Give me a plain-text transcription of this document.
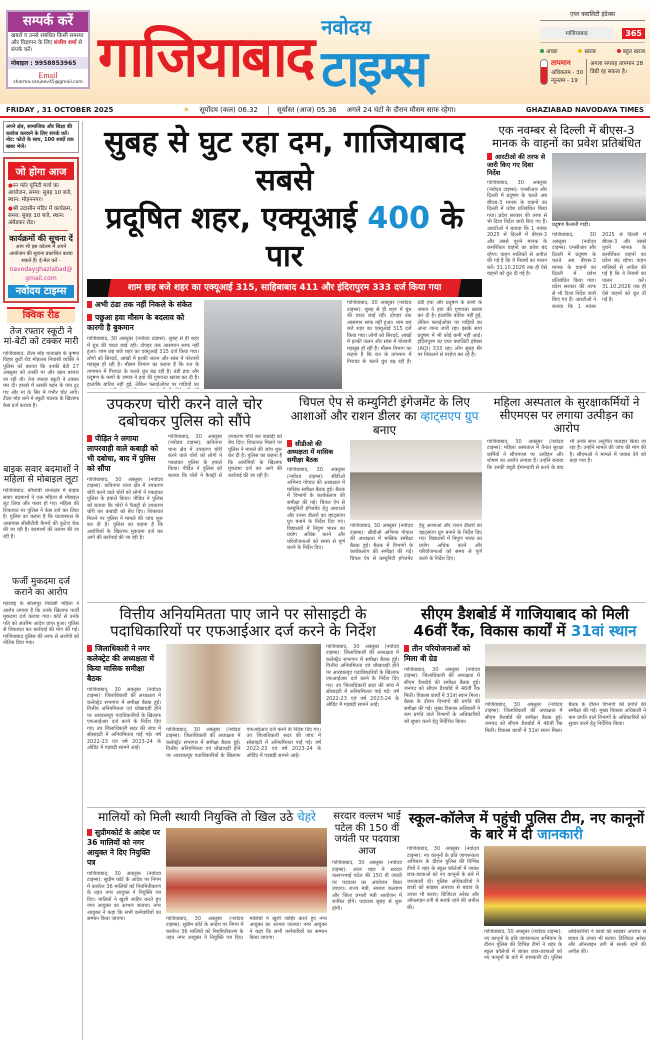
सम्पर्क करें
खबरों व उनसे संबंधित किसी समस्या और विज्ञापन के लिए संजीव शर्मा से संपर्क करें।
मोबाइल : 9958853965
Email
sharma.sanjeev45@gmail.com गाजियाबाद नवोदय
टाइम्स
एयर क्वालिटी इंडेक्स
गाजियाबाद	365
अच्छा	खराब	बहुत खराब
तापमान
अधिकतम - 30
न्यूनतम - 19
अगला सप्ताह तापमान 28 डिग्री रह सकता है।
FRIDAY , 31 OCTOBER 2025	☀ सूर्योदय (कल) 06.32	सूर्यास्त (आज) 05.36 अगले 24 घंटों के दौरान मौसम साफ रहेगा।	GHAZIABAD NAVODAYA TIMES
अपने क्षेत्र, सामाजिक और शिक्षा की कवरेज करवाने के लिए संपर्क करें। नोट: फोटो के साथ, 100 शब्दों तक खबर भेजें।
जो होगा आज
●रन फॉर यूनिटी मार्च का आयोजन, समय: सुबह 10 बजे, स्थान: मोहननगर।
●श्री उदासीन मंदिर में कार्यक्रम, समय: सुबह 10 बजे, स्थान: अंबेडकर रोड।
कार्यक्रमों की सूचना दें
आप भी इस कॉलम में अपने आयोजन की सूचना प्रकाशित करवा सकते हैं। ई-मेल करें -
navodayghaziabad@gmail.com
नवोदय टाइम्स
क्विक रीड
तेज रफ्तार स्कूटी ने मां-बेटी को टक्कर मारी
गाजियाबाद: टीला मोड़ थानाक्षेत्र के कृष्णा विहार कुटी रोड मोहल्ला निवासी व्यक्ति ने पुलिस को बताया कि उनकी बेटी 27 अक्तूबर को उनकी मां और बहन बाजार जा रही थी। तेज रफ्तार स्कूटी ने टक्कर मार दी। हादसे में उसकी बहन के पांव टूट गए और मां के सिर में गंभीर चोट लगी। टीला मोड़ थाने में स्कूटी चालक के खिलाफ केस दर्ज कराया है।
बाइक सवार बदमाशों ने महिला से मोबाइल लूटा
गाजियाबाद: कौशांबी थानाक्षेत्र में बाइक सवार बदमाशों ने एक महिला से मोबाइल लूट लिया और फरार हो गए। महिला की शिकायत पर पुलिस ने केस दर्ज कर लिया है। पुलिस का कहना है कि घटनास्थल के आसपास सीसीटीवी कैमरों की फुटेज चेक की जा रही है। बदमाशों की तलाश की जा रही है।
फर्जी मुकदमा दर्ज कराने का आरोप
महाराष्ट्र के सोलापुर निवासी महिला ने आरोप लगाया है कि उनके खिलाफ फर्जी मुकदमा दर्ज कराया गया। कोर्ट से उनके पति को अंतरिम आदेश प्राप्त हुआ। पुलिस से शिकायत कर कार्रवाई की मांग की गई। गाजियाबाद पुलिस की तरफ से आरोपी को नोटिस दिया गया।
सुबह से घुट रहा दम, गाजियाबाद सबसे
प्रदूषित शहर, एक्यूआई 400 के पार
शाम छह बजे शहर का एक्यूआई 315, साहिबाबाद 411 और इंदिरापुरम 333 दर्ज किया गया
अभी ठंडा तक नहीं निकले के संकेत
पछुआ हवा मौसम के बदलाव को कारगी है बुकमान
गाजियाबाद, 30 अक्तूबर (नवोदय टाइम्स): सुबह से ही शहर में धुंध की चादर छाई रही। दोपहर तक आसमान साफ नहीं हुआ। शाम छह बजे शहर का एक्यूआई 315 दर्ज किया गया। लोगों को सिरदर्द, आंखों में हल्की जलन और सांस में परेशानी महसूस हो रही है। मौसम विभाग का कहना है कि रात के तापमान में गिरावट के चलते धुंध बढ़ रही है। ठंडी हवा और प्रदूषण के कणों के जमाव ने हवा की गुणवत्ता खराब कर दी है। हालांकि बारिश नहीं हुई, लेकिन फ्लाईओवर पर गाड़ियों का
गाजियाबाद, 30 अक्तूबर (नवोदय टाइम्स): सुबह से ही शहर में धुंध की चादर छाई रही। दोपहर तक आसमान साफ नहीं हुआ। शाम छह बजे शहर का एक्यूआई 315 दर्ज किया गया। लोगों को सिरदर्द, आंखों में हल्की जलन और सांस में परेशानी महसूस हो रही है। मौसम विभाग का कहना है कि रात के तापमान में गिरावट के चलते धुंध बढ़ रही है। ठंडी हवा और प्रदूषण के कणों के जमाव ने हवा की गुणवत्ता खराब कर दी है। हालांकि बारिश नहीं हुई, लेकिन फ्लाईओवर पर गाड़ियों का आना जाना जारी रहा। इसके साथ प्रदूषण में भी कोई कमी नहीं आई। इंदिरापुरम का एयर क्वालिटी इंडेक्स (AQI) 333 रहा। लोग सुबह सैर पर निकलने से परहेज कर रहे हैं।
एक नवम्बर से दिल्ली में बीएस-3 मानक के वाहनों का प्रवेश प्रतिबंधित
आरटीओ की तरफ से जारी किए गए दिशा निर्देश
गाजियाबाद, 30 अक्तूबर (नवोदय टाइम्स): एनसीआर और दिल्ली में प्रदूषण के चलते अब बीएस-3 मानक के वाहनों का दिल्ली में प्रवेश प्रतिबंधित किया गया। प्रदेश सरकार की तरफ से भी दिशा निर्देश जारी किए गए हैं। आरटीओ ने बताया कि 1 नवंबर 2025 से दिल्ली में बीएस-3 और उससे पुराने मानक के कमर्शियल वाहनों का प्रवेश बंद रहेगा। वाहन मालिकों से अपील की गई है कि वे नियमों का पालन करें। 31.10.2026 तक ही ऐसे वाहनों को छूट दी गई है।
प्रदूषण फैलाती गाड़ी।
गाजियाबाद, 30 अक्तूबर (नवोदय टाइम्स): एनसीआर और दिल्ली में प्रदूषण के चलते अब बीएस-3 मानक के वाहनों का दिल्ली में प्रवेश प्रतिबंधित किया गया। प्रदेश सरकार की तरफ से भी दिशा निर्देश जारी किए गए हैं। आरटीओ ने बताया कि 1 नवंबर 2025 से दिल्ली में बीएस-3 और उससे पुराने मानक के कमर्शियल वाहनों का प्रवेश बंद रहेगा। वाहन मालिकों से अपील की गई है कि वे नियमों का पालन करें। 31.10.2026 तक ही ऐसे वाहनों को छूट दी गई है।
उपकरण चोरी करने वाले चोर दबोचकर पुलिस को सौंपे
पीड़ित ने लगाया लापरवाही वाले कबाड़ी को भी दबोचा, बाद में पुलिस को सौंपा
गाजियाबाद, 30 अक्तूबर (नवोदय टाइम्स): कविनगर थाना क्षेत्र में उपकरण चोरी करने वाले चोरों को लोगों ने पकड़कर पुलिस के हवाले किया। पीड़ित ने पुलिस को बताया कि चोरों ने फैक्ट्री से उपकरण चोरी कर कबाड़ी को बेच दिए। शिकायत मिलने पर पुलिस ने मामले की जांच शुरू कर दी है। पुलिस का कहना है कि आरोपियों के खिलाफ मुकदमा दर्ज कर आगे की कार्रवाई की जा रही है।
गाजियाबाद, 30 अक्तूबर (नवोदय टाइम्स): कविनगर थाना क्षेत्र में उपकरण चोरी करने वाले चोरों को लोगों ने पकड़कर पुलिस के हवाले किया। पीड़ित ने पुलिस को बताया कि चोरों ने फैक्ट्री से उपकरण चोरी कर कबाड़ी को बेच दिए। शिकायत मिलने पर पुलिस ने मामले की जांच शुरू कर दी है। पुलिस का कहना है कि आरोपियों के खिलाफ मुकदमा दर्ज कर आगे की कार्रवाई की जा रही है।
चिपल ऐप से कम्युनिटी इंगेजमेंट के लिए आशाओं और राशन डीलर का व्हाट्सएप ग्रुप बनाए
सीडीओ की अध्यक्षता में मासिक समीक्षा बैठक
गाजियाबाद, 30 अक्तूबर (नवोदय टाइम्स): सीडीओ अभिनव गोपाल की अध्यक्षता में मासिक समीक्षा बैठक हुई। बैठक में विभागों के कार्यकलाप की समीक्षा की गई। चिपल ऐप से कम्युनिटी इंगेजमेंट हेतु आशाओं और राशन डीलरों का व्हाट्सएप ग्रुप बनाने के निर्देश दिए गए। विद्यालयों में निपुण भारत का प्रयोग अधिक करने और परियोजनाओं को समय से पूर्ण करने के निर्देश दिए।
गाजियाबाद, 30 अक्तूबर (नवोदय टाइम्स): सीडीओ अभिनव गोपाल की अध्यक्षता में मासिक समीक्षा बैठक हुई। बैठक में विभागों के कार्यकलाप की समीक्षा की गई। चिपल ऐप से कम्युनिटी इंगेजमेंट हेतु आशाओं और राशन डीलरों का व्हाट्सएप ग्रुप बनाने के निर्देश दिए गए। विद्यालयों में निपुण भारत का प्रयोग अधिक करने और परियोजनाओं को समय से पूर्ण करने के निर्देश दिए।
महिला अस्पताल के सुरक्षाकर्मियों ने सीएमएस पर लगाया उत्पीड़न का आरोप
गाजियाबाद, 30 अक्तूबर (नवोदय टाइम्स): महिला अस्पताल में तैनात सुरक्षा कर्मियों ने सीएमएस पर उत्पीड़न और शोषण का आरोप लगाया है। उन्होंने बताया कि उनकी ड्यूटी ईमानदारी से करने के बाद भी उनके साथ अनुचित व्यवहार किया जा रहा है। उन्होंने मामले की जांच की मांग की है। सीएमओ ने मामले में जवाब देने को कहा गया है।
वित्तीय अनियमितता पाए जाने पर सोसाइटी के पदाधिकारियों पर एफआईआर दर्ज करने के निर्देश
जिलाधिकारी ने नगर कलेक्ट्रेट की अध्यक्षता में किया मासिक समीक्षा बैठक
गाजियाबाद, 30 अक्तूबर (नवोदय टाइम्स): जिलाधिकारी की अध्यक्षता में कलेक्ट्रेट सभागार में समीक्षा बैठक हुई। वित्तीय अनियमितता एवं धोखाधड़ी होने पर आरडब्ल्यूए पदाधिकारियों के खिलाफ एफआईआर दर्ज करने के निर्देश दिए गए। उप जिलाधिकारी सदर की जांच में सोसाइटी में अनियमितता पाई गई। वर्ष 2022-23 एवं वर्ष 2023-24 के ऑडिट में गड़बड़ी सामने आई।
गाजियाबाद, 30 अक्तूबर (नवोदय टाइम्स): जिलाधिकारी की अध्यक्षता में कलेक्ट्रेट सभागार में समीक्षा बैठक हुई। वित्तीय अनियमितता एवं धोखाधड़ी होने पर आरडब्ल्यूए पदाधिकारियों के खिलाफ एफआईआर दर्ज करने के निर्देश दिए गए। उप जिलाधिकारी सदर की जांच में सोसाइटी में अनियमितता पाई गई। वर्ष 2022-23 एवं वर्ष 2023-24 के ऑडिट में गड़बड़ी सामने आई।
गाजियाबाद, 30 अक्तूबर (नवोदय टाइम्स): जिलाधिकारी की अध्यक्षता में कलेक्ट्रेट सभागार में समीक्षा बैठक हुई। वित्तीय अनियमितता एवं धोखाधड़ी होने पर आरडब्ल्यूए पदाधिकारियों के खिलाफ एफआईआर दर्ज करने के निर्देश दिए गए। उप जिलाधिकारी सदर की जांच में सोसाइटी में अनियमितता पाई गई। वर्ष 2022-23 एवं वर्ष 2023-24 के ऑडिट में गड़बड़ी सामने आई।
सीएम डैशबोर्ड में गाजियाबाद को मिली 46वीं रैंक, विकास कार्यों में 31वां स्थान
तीन परियोजनाओं को मिला बी ग्रेड
गाजियाबाद, 30 अक्तूबर (नवोदय टाइम्स): जिलाधिकारी की अध्यक्षता में सीएम डैशबोर्ड की समीक्षा बैठक हुई। जनपद को सीएम डैशबोर्ड में 46वीं रैंक मिली। विकास कार्यों में 31वां स्थान मिला। बैठक के दौरान विभागों की प्रगति की समीक्षा की गई। मुख्य विकास अधिकारी ने कम प्रगति वाले विभागों के अधिकारियों को सुधार करने हेतु निर्देशित किया।
गाजियाबाद, 30 अक्तूबर (नवोदय टाइम्स): जिलाधिकारी की अध्यक्षता में सीएम डैशबोर्ड की समीक्षा बैठक हुई। जनपद को सीएम डैशबोर्ड में 46वीं रैंक मिली। विकास कार्यों में 31वां स्थान मिला। बैठक के दौरान विभागों की प्रगति की समीक्षा की गई। मुख्य विकास अधिकारी ने कम प्रगति वाले विभागों के अधिकारियों को सुधार करने हेतु निर्देशित किया।
मालियों को मिली स्थायी नियुक्ति तो खिल उठे चेहरे
सुप्रीमकोर्ट के आदेश पर 36 मालियों को नगर आयुक्त ने दिए नियुक्ति पत्र
गाजियाबाद, 30 अक्तूबर (नवोदय टाइम्स): सुप्रीम कोर्ट के आदेश पर निगम में कार्यरत 36 मालियों को नियमितीकरण के तहत नगर आयुक्त ने नियुक्ति पत्र दिए। मालियों ने खुशी जाहिर करते हुए नगर आयुक्त का आभार जताया। नगर आयुक्त ने कहा कि सभी कर्मचारियों का सम्मान किया जाएगा।	गाजियाबाद, 30 अक्तूबर (नवोदय टाइम्स): सुप्रीम कोर्ट के आदेश पर निगम में कार्यरत 36 मालियों को नियमितीकरण के तहत नगर आयुक्त ने नियुक्ति पत्र दिए। मालियों ने खुशी जाहिर करते हुए नगर आयुक्त का आभार जताया। नगर आयुक्त ने कहा कि सभी कर्मचारियों का सम्मान किया जाएगा।
सरदार वल्लभ भाई पटेल की 150 वीं जयंती पर पदयात्रा आज
गाजियाबाद, 30 अक्तूबर (नवोदय टाइम्स): आज शहर में सरदार वल्लभभाई पटेल की 150 वीं जयंती पर पदयात्रा का आयोजन किया जाएगा। राज्य मंत्री, समाज कल्याण और जिला प्रभारी मंत्री आयोजन में शामिल होंगे। पदयात्रा सुबह से शुरू होगी।
स्कूल-कॉलेज में पहुंची पुलिस टीम, नए कानूनों के बारे में दी जानकारी
गाजियाबाद, 30 अक्तूबर (नवोदय टाइम्स): नए कानूनों के प्रति जागरूकता अभियान के दौरान पुलिस की विभिन्न टीमों ने शहर के स्कूल कॉलेजों में जाकर छात्र-छात्राओं को नए कानूनों के बारे में जानकारी दी। पुलिस अधिकारियों ने छात्रों को साइबर अपराध से बचाव के उपाय भी बताए। डिजिटल अरेस्ट और ऑनलाइन ठगी से सतर्क रहने की अपील की।
गाजियाबाद, 30 अक्तूबर (नवोदय टाइम्स): नए कानूनों के प्रति जागरूकता अभियान के दौरान पुलिस की विभिन्न टीमों ने शहर के स्कूल कॉलेजों में जाकर छात्र-छात्राओं को नए कानूनों के बारे में जानकारी दी। पुलिस अधिकारियों ने छात्रों को साइबर अपराध से बचाव के उपाय भी बताए। डिजिटल अरेस्ट और ऑनलाइन ठगी से सतर्क रहने की अपील की।
